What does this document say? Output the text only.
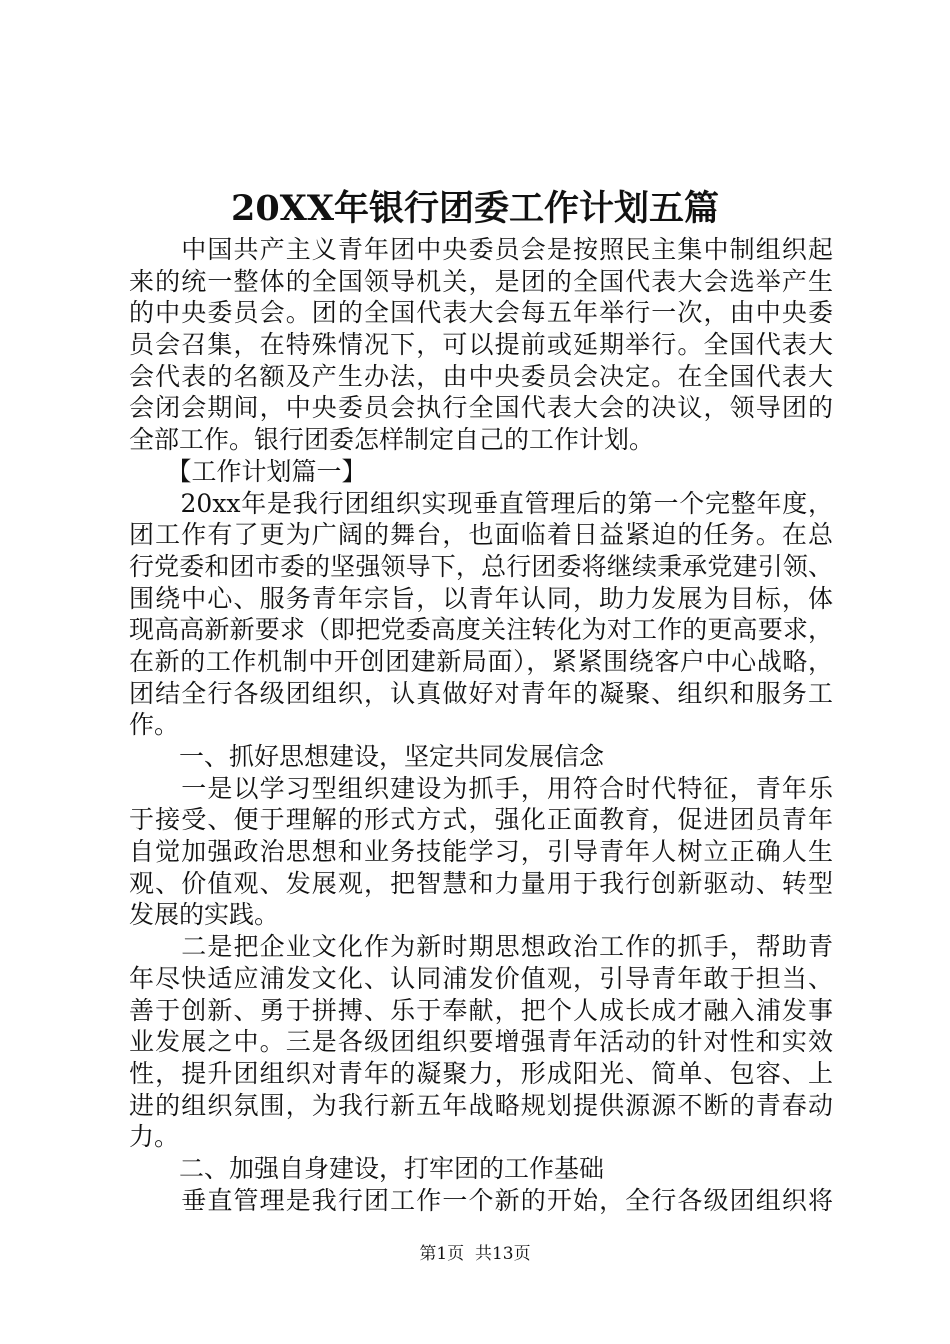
20XX年银行团委工作计划五篇
　　中国共产主义青年团中央委员会是按照民主集中制组织起
来的统一整体的全国领导机关，是团的全国代表大会选举产生
的中央委员会。团的全国代表大会每五年举行一次，由中央委
员会召集，在特殊情况下，可以提前或延期举行。全国代表大
会代表的名额及产生办法，由中央委员会决定。在全国代表大
会闭会期间，中央委员会执行全国代表大会的决议，领导团的
全部工作。银行团委怎样制定自己的工作计划。
　　【工作计划篇一】
　　20xx年是我行团组织实现垂直管理后的第一个完整年度，
团工作有了更为广阔的舞台，也面临着日益紧迫的任务。在总
行党委和团市委的坚强领导下，总行团委将继续秉承党建引领、
围绕中心、服务青年宗旨，以青年认同，助力发展为目标，体
现高高新新要求（即把党委高度关注转化为对工作的更高要求，
在新的工作机制中开创团建新局面），紧紧围绕客户中心战略，
团结全行各级团组织，认真做好对青年的凝聚、组织和服务工
作。
　　一、抓好思想建设，坚定共同发展信念
　　一是以学习型组织建设为抓手，用符合时代特征，青年乐
于接受、便于理解的形式方式，强化正面教育，促进团员青年
自觉加强政治思想和业务技能学习，引导青年人树立正确人生
观、价值观、发展观，把智慧和力量用于我行创新驱动、转型
发展的实践。
　　二是把企业文化作为新时期思想政治工作的抓手，帮助青
年尽快适应浦发文化、认同浦发价值观，引导青年敢于担当、
善于创新、勇于拼搏、乐于奉献，把个人成长成才融入浦发事
业发展之中。三是各级团组织要增强青年活动的针对性和实效
性，提升团组织对青年的凝聚力，形成阳光、简单、包容、上
进的组织氛围，为我行新五年战略规划提供源源不断的青春动
力。
　　二、加强自身建设，打牢团的工作基础
　　垂直管理是我行团工作一个新的开始，全行各级团组织将
第1页  共13页
